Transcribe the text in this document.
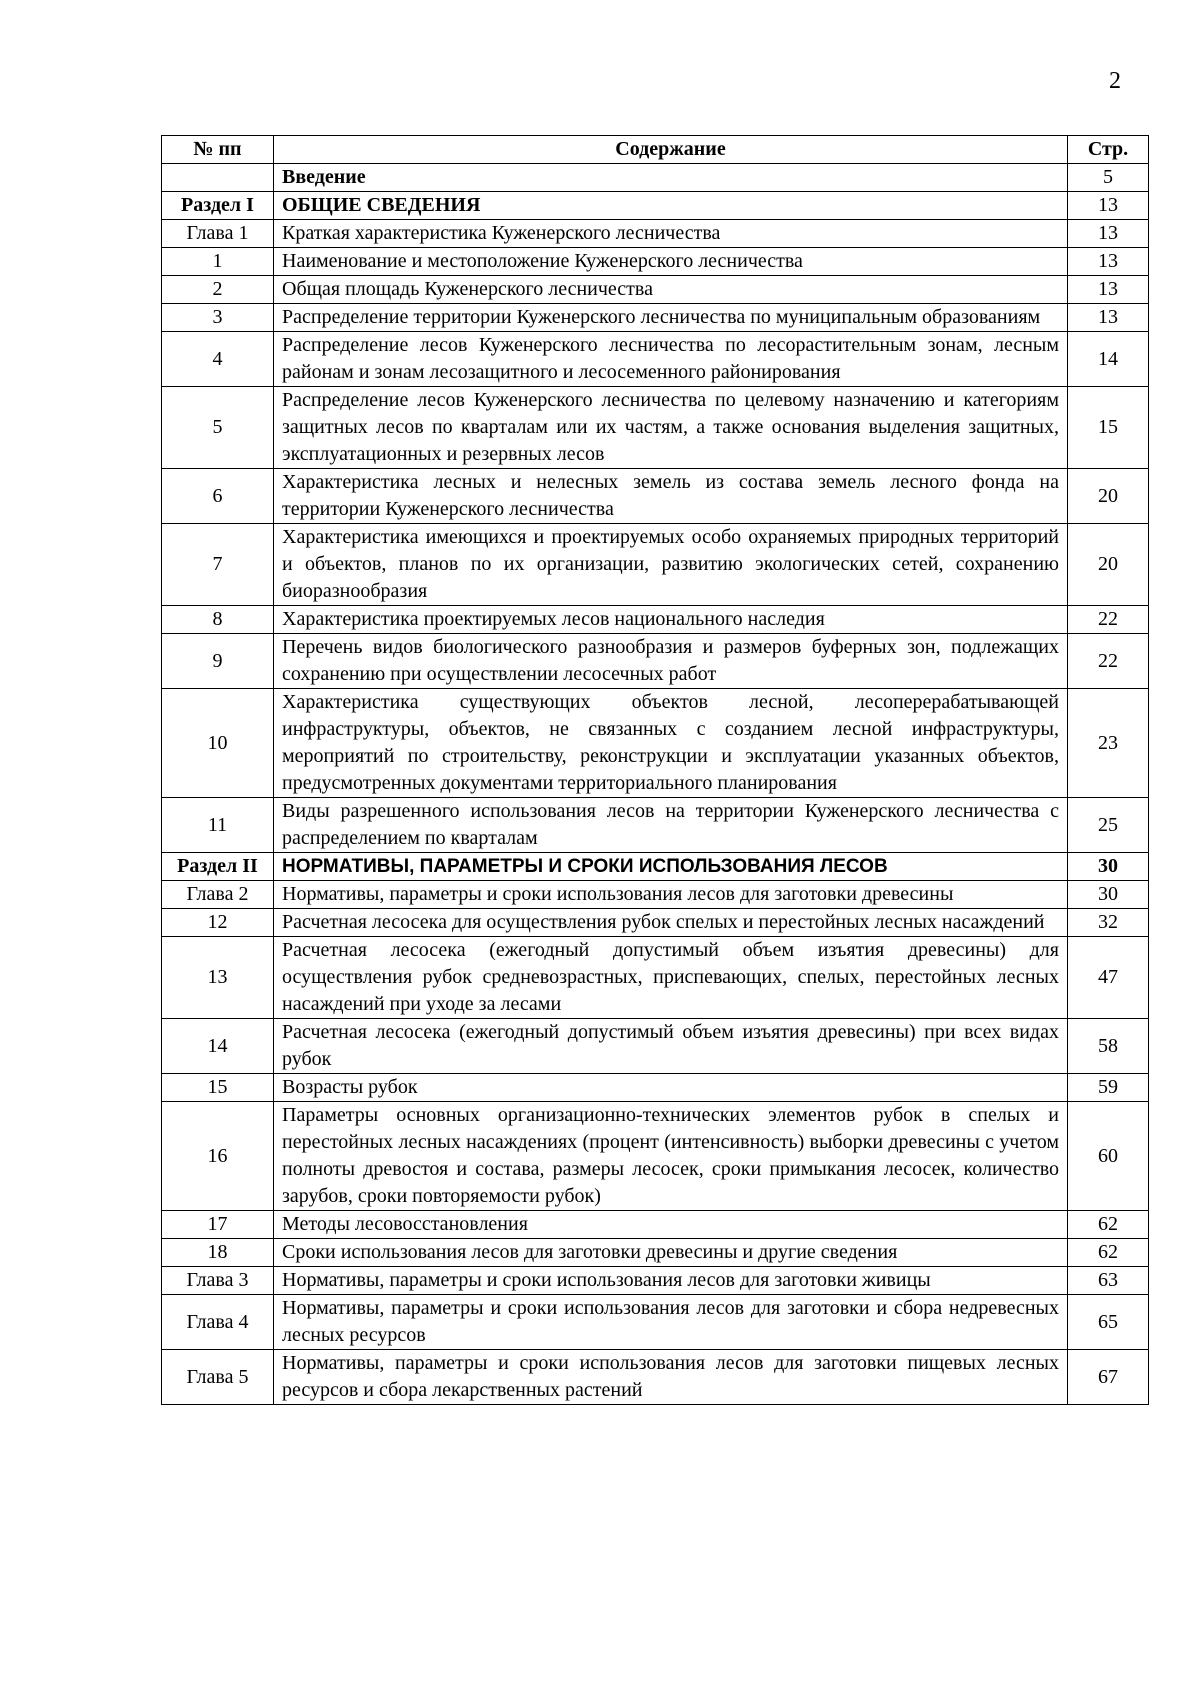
2
№ пп	Содержание	Стр.
	Введение	5
Раздел I	ОБЩИЕ СВЕДЕНИЯ	13
Глава 1	Краткая характеристика Куженерского лесничества	13
1	Наименование и местоположение Куженерского лесничества	13
2	Общая площадь Куженерского лесничества	13
3	Распределение территории Куженерского лесничества по муниципальным образованиям	13
4	Распределение лесов Куженерского лесничества по лесорастительным зонам, лесным районам и зонам лесозащитного и лесосеменного районирования	14
5	Распределение лесов Куженерского лесничества по целевому назначению и категориям защитных лесов по кварталам или их частям, а также основания выделения защитных, эксплуатационных и резервных лесов	15
6	Характеристика лесных и нелесных земель из состава земель лесного фонда на территории Куженерского лесничества	20
7	Характеристика имеющихся и проектируемых особо охраняемых природных территорий и объектов, планов по их организации, развитию экологических сетей, сохранению биоразнообразия	20
8	Характеристика проектируемых лесов национального наследия	22
9	Перечень видов биологического разнообразия и размеров буферных зон, подлежащих сохранению при осуществлении лесосечных работ	22
10	Характеристика существующих объектов лесной, лесоперерабатывающей инфраструктуры, объектов, не связанных с созданием лесной инфраструктуры, мероприятий по строительству, реконструкции и эксплуатации указанных объектов, предусмотренных документами территориального планирования	23
11	Виды разрешенного использования лесов на территории Куженерского лесничества с распределением по кварталам	25
Раздел II	НОРМАТИВЫ, ПАРАМЕТРЫ И СРОКИ ИСПОЛЬЗОВАНИЯ ЛЕСОВ	30
Глава 2	Нормативы, параметры и сроки использования лесов для заготовки древесины	30
12	Расчетная лесосека для осуществления рубок спелых и перестойных лесных насаждений	32
13	Расчетная лесосека (ежегодный допустимый объем изъятия древесины) для осуществления рубок средневозрастных, приспевающих, спелых, перестойных лесных насаждений при уходе за лесами	47
14	Расчетная лесосека (ежегодный допустимый объем изъятия древесины) при всех видах рубок	58
15	Возрасты рубок	59
16	Параметры основных организационно-технических элементов рубок в спелых и перестойных лесных насаждениях (процент (интенсивность) выборки древесины с учетом полноты древостоя и состава, размеры лесосек, сроки примыкания лесосек, количество зарубов, сроки повторяемости рубок)	60
17	Методы лесовосстановления	62
18	Сроки использования лесов для заготовки древесины и другие сведения	62
Глава 3	Нормативы, параметры и сроки использования лесов для заготовки живицы	63
Глава 4	Нормативы, параметры и сроки использования лесов для заготовки и сбора недревесных лесных ресурсов	65
Глава 5	Нормативы, параметры и сроки использования лесов для заготовки пищевых лесных ресурсов и сбора лекарственных растений	67
